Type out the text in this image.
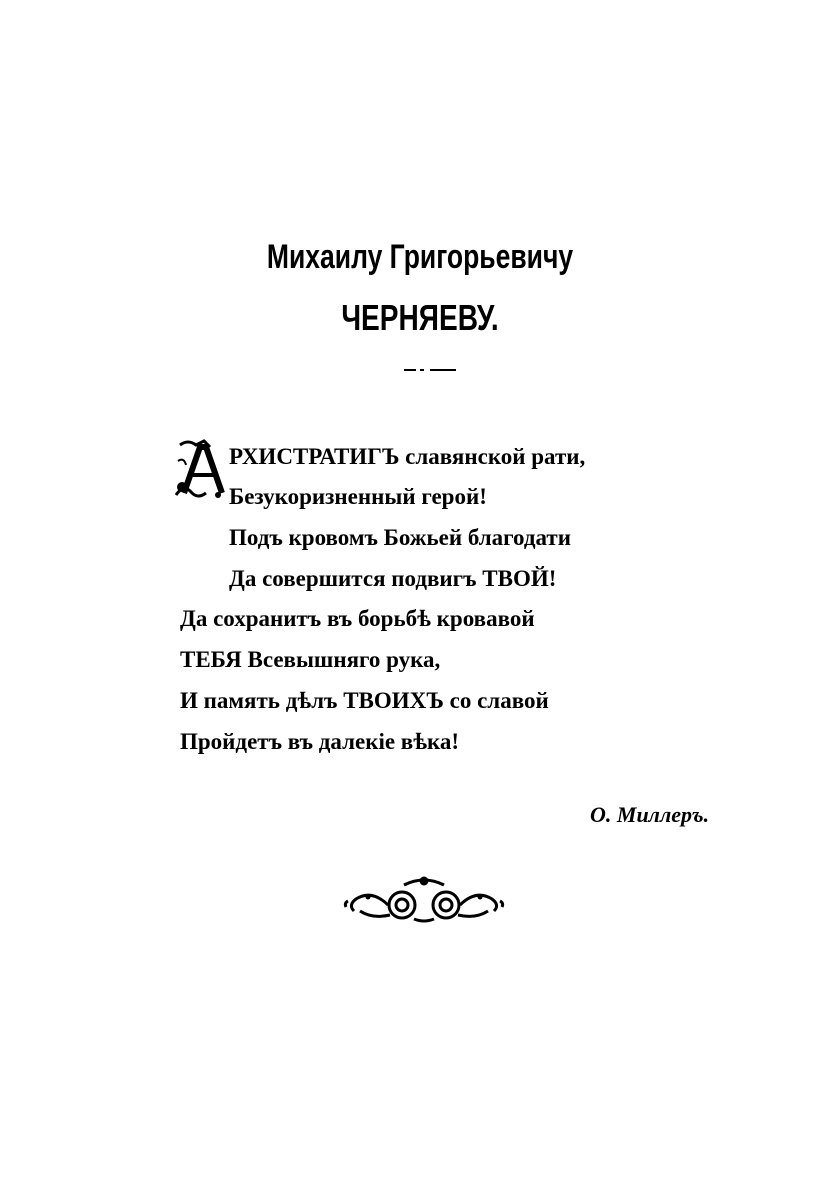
Михаилу Григорьевичу
ЧЕРНЯЕВУ.
РХИСТРАТИГЪ славянской рати,
Безукоризненный герой!
Подъ кровомъ Божьей благодати
Да совершится подвигъ ТВОЙ!
Да сохранитъ въ борьбѣ кровавой
ТЕБЯ Всевышняго рука,
И память дѣлъ ТВОИХЪ со славой
Пройдетъ въ далекіе вѣка!
О. Миллеръ.
